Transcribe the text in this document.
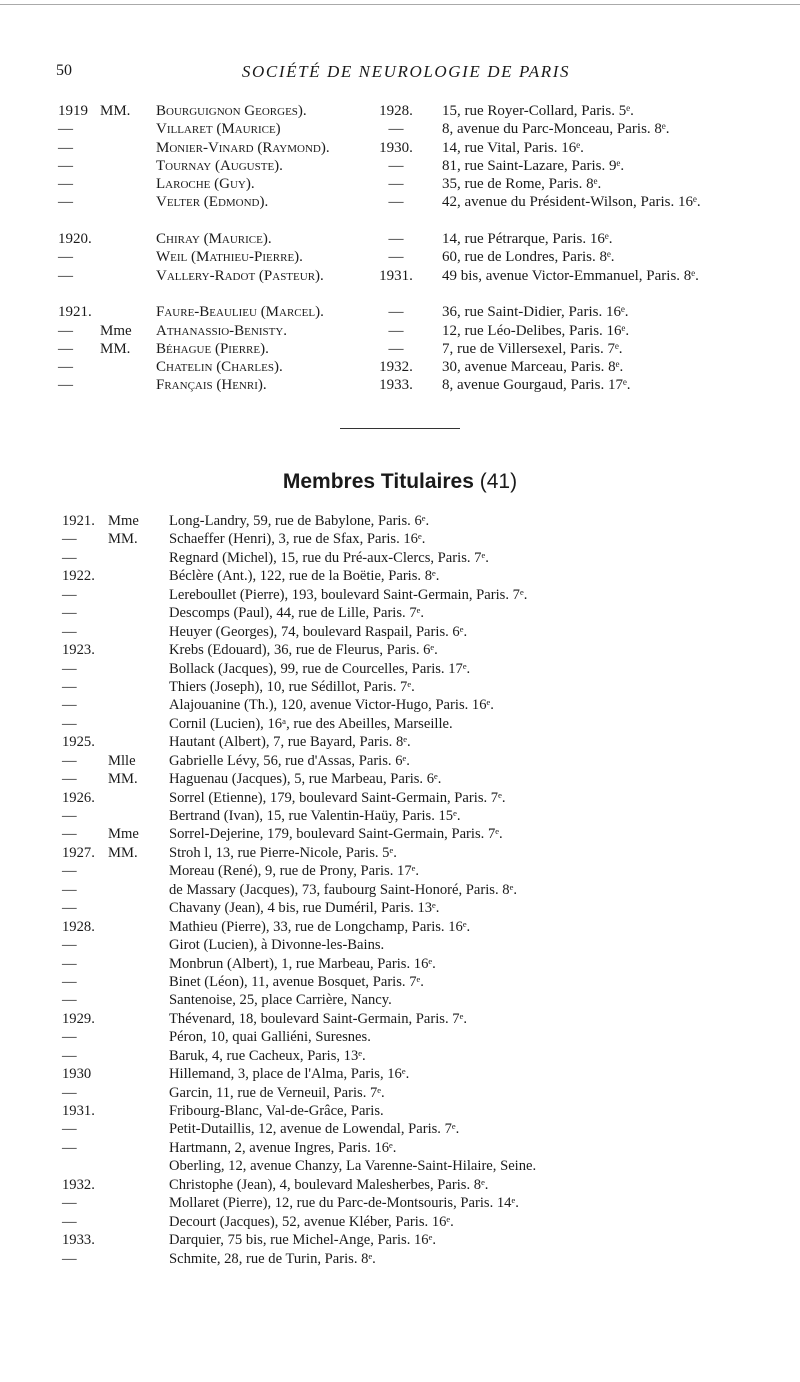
50	SOCIÉTÉ DE NEUROLOGIE DE PARIS
1919 MM.	Bourguignon Georges).	1928.	15, rue Royer-Collard, Paris. 5ᵉ.
—	Villaret (Maurice)	—	8, avenue du Parc-Monceau, Paris. 8ᵉ.
—	Monier-Vinard (Raymond).	1930.	14, rue Vital, Paris. 16ᵉ.
—	Tournay (Auguste).	—	81, rue Saint-Lazare, Paris. 9ᵉ.
—	Laroche (Guy).	—	35, rue de Rome, Paris. 8ᵉ.
—	Velter (Edmond).	—	42, avenue du Président-Wilson, Paris. 16ᵉ.
1920.	Chiray (Maurice).	—	14, rue Pétrarque, Paris. 16ᵉ.
—	Weil (Mathieu-Pierre).	—	60, rue de Londres, Paris. 8ᵉ.
—	Vallery-Radot (Pasteur).	1931.	49 bis, avenue Victor-Emmanuel, Paris. 8ᵉ.
1921.	Faure-Beaulieu (Marcel).	—	36, rue Saint-Didier, Paris. 16ᵉ.
—	Mme	Athanassio-Benisty.	—	12, rue Léo-Delibes, Paris. 16ᵉ.
—	MM.	Béhague (Pierre).	—	7, rue de Villersexel, Paris. 7ᵉ.
—	Chatelin (Charles).	1932.	30, avenue Marceau, Paris. 8ᵉ.
—	Français (Henri).	1933.	8, avenue Gourgaud, Paris. 17ᵉ.
Membres Titulaires (41)
1921. Mme	Long-Landry, 59, rue de Babylone, Paris. 6ᵉ.
—	MM.	Schaeffer (Henri), 3, rue de Sfax, Paris. 16ᵉ.
—	Regnard (Michel), 15, rue du Pré-aux-Clercs, Paris. 7ᵉ.
1922.	Béclère (Ant.), 122, rue de la Boëtie, Paris. 8ᵉ.
—	Lereboullet (Pierre), 193, boulevard Saint-Germain, Paris. 7ᵉ.
—	Descomps (Paul), 44, rue de Lille, Paris. 7ᵉ.
—	Heuyer (Georges), 74, boulevard Raspail, Paris. 6ᵉ.
1923.	Krebs (Edouard), 36, rue de Fleurus, Paris. 6ᵉ.
—	Bollack (Jacques), 99, rue de Courcelles, Paris. 17ᵉ.
—	Thiers (Joseph), 10, rue Sédillot, Paris. 7ᵉ.
—	Alajouanine (Th.), 120, avenue Victor-Hugo, Paris. 16ᵉ.
—	Cornil (Lucien), 16ᵃ, rue des Abeilles, Marseille.
1925.	Hautant (Albert), 7, rue Bayard, Paris. 8ᵉ.
—	Mlle	Gabrielle Lévy, 56, rue d'Assas, Paris. 6ᵉ.
—	MM.	Haguenau (Jacques), 5, rue Marbeau, Paris. 6ᵉ.
1926.	Sorrel (Etienne), 179, boulevard Saint-Germain, Paris. 7ᵉ.
—	Bertrand (Ivan), 15, rue Valentin-Haüy, Paris. 15ᵉ.
—	Mme	Sorrel-Dejerine, 179, boulevard Saint-Germain, Paris. 7ᵉ.
1927. MM.	Stroh l, 13, rue Pierre-Nicole, Paris. 5ᵉ.
—	Moreau (René), 9, rue de Prony, Paris. 17ᵉ.
—	de Massary (Jacques), 73, faubourg Saint-Honoré, Paris. 8ᵉ.
—	Chavany (Jean), 4 bis, rue Duméril, Paris. 13ᵉ.
1928.	Mathieu (Pierre), 33, rue de Longchamp, Paris. 16ᵉ.
—	Girot (Lucien), à Divonne-les-Bains.
—	Monbrun (Albert), 1, rue Marbeau, Paris. 16ᵉ.
—	Binet (Léon), 11, avenue Bosquet, Paris. 7ᵉ.
—	Santenoise, 25, place Carrière, Nancy.
1929.	Thévenard, 18, boulevard Saint-Germain, Paris. 7ᵉ.
—	Péron, 10, quai Galliéni, Suresnes.
—	Baruk, 4, rue Cacheux, Paris, 13ᵉ.
1930	Hillemand, 3, place de l'Alma, Paris, 16ᵉ.
—	Garcin, 11, rue de Verneuil, Paris. 7ᵉ.
1931.	Fribourg-Blanc, Val-de-Grâce, Paris.
—	Petit-Dutaillis, 12, avenue de Lowendal, Paris. 7ᵉ.
—	Hartmann, 2, avenue Ingres, Paris. 16ᵉ.
Oberling, 12, avenue Chanzy, La Varenne-Saint-Hilaire, Seine.
1932.	Christophe (Jean), 4, boulevard Malesherbes, Paris. 8ᵉ.
—	Mollaret (Pierre), 12, rue du Parc-de-Montsouris, Paris. 14ᵉ.
—	Decourt (Jacques), 52, avenue Kléber, Paris. 16ᵉ.
1933.	Darquier, 75 bis, rue Michel-Ange, Paris. 16ᵉ.
—	Schmite, 28, rue de Turin, Paris. 8ᵉ.
